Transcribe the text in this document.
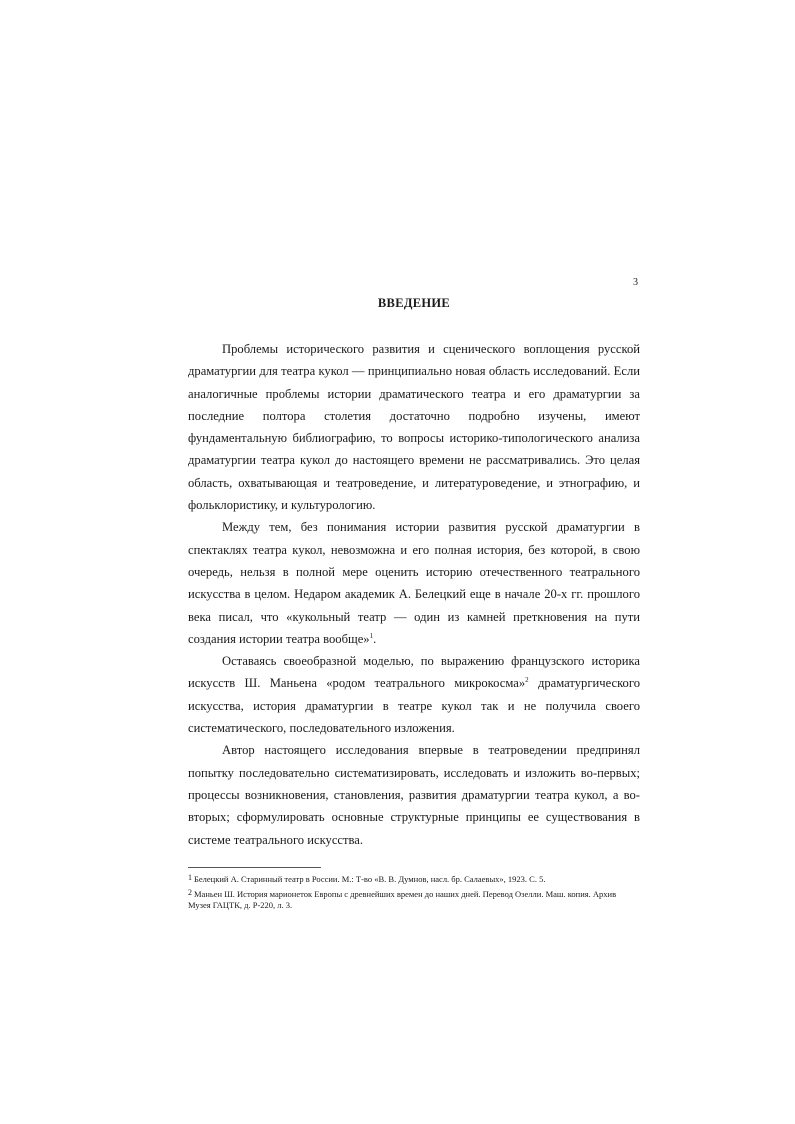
3
ВВЕДЕНИЕ

Проблемы исторического развития и сценического воплощения русской драматургии для театра кукол — принципиально новая область исследований. Если аналогичные проблемы истории драматического театра и его драматургии за последние полтора столетия достаточно подробно изучены, имеют фундаментальную библиографию, то вопросы историко-типологического анализа драматургии театра кукол до настоящего времени не рассматривались. Это целая область, охватывающая и театроведение, и литературоведение, и этнографию, и фольклористику, и культурологию.

Между тем, без понимания истории развития русской драматургии в спектаклях театра кукол, невозможна и его полная история, без которой, в свою очередь, нельзя в полной мере оценить историю отечественного театрального искусства в целом. Недаром академик А. Белецкий еще в начале 20-х гг. прошлого века писал, что «кукольный театр — один из камней преткновения на пути создания истории театра вообще»$^1$.

Оставаясь своеобразной моделью, по выражению французского историка искусств Ш. Маньена «родом театрального микрокосма»$^2$ драматургического искусства, история драматургии в театре кукол так и не получила своего систематического, последовательного изложения.

Автор настоящего исследования впервые в театроведении предпринял попытку последовательно систематизировать, исследовать и изложить во-первых; процессы возникновения, становления, развития драматургии театра кукол, а во-вторых; сформулировать основные структурные принципы ее существования в системе театрального искусства.

1 Белецкий А. Старинный театр в России. М.: Т-во «В. В. Думнов, насл. бр. Салаевых», 1923. С. 5.

2 Маньен Ш. История марионеток Европы с древнейших времен до наших дней. Перевод Озелли. Маш. копия. Архив Музея ГАЦТК, д. Р-220, л. 3.
